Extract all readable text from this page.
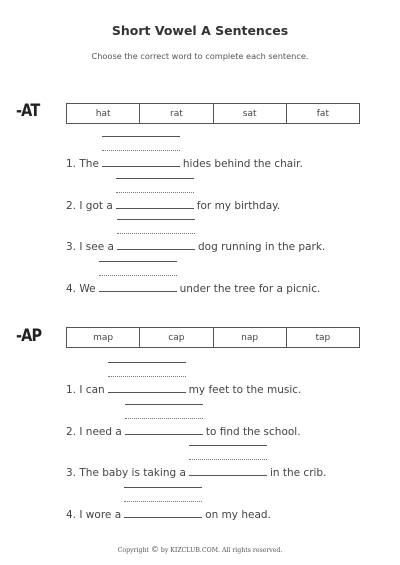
Short Vowel A Sentences
Choose the correct word to complete each sentence.
-AT	hat	rat	sat	fat
1.
The	hides behind the chair.
2.
I got a	for my birthday.
3.
I see a	dog running in the park.
4.
We	under the tree for a picnic.
-AP	map	cap	nap	tap
1.
I can	my feet to the music.
2.
I need a	to find the school.
3.
The baby is taking a	in the crib.
4.
I wore a	on my head.
Copyright © by KIZCLUB.COM. All rights reserved.
